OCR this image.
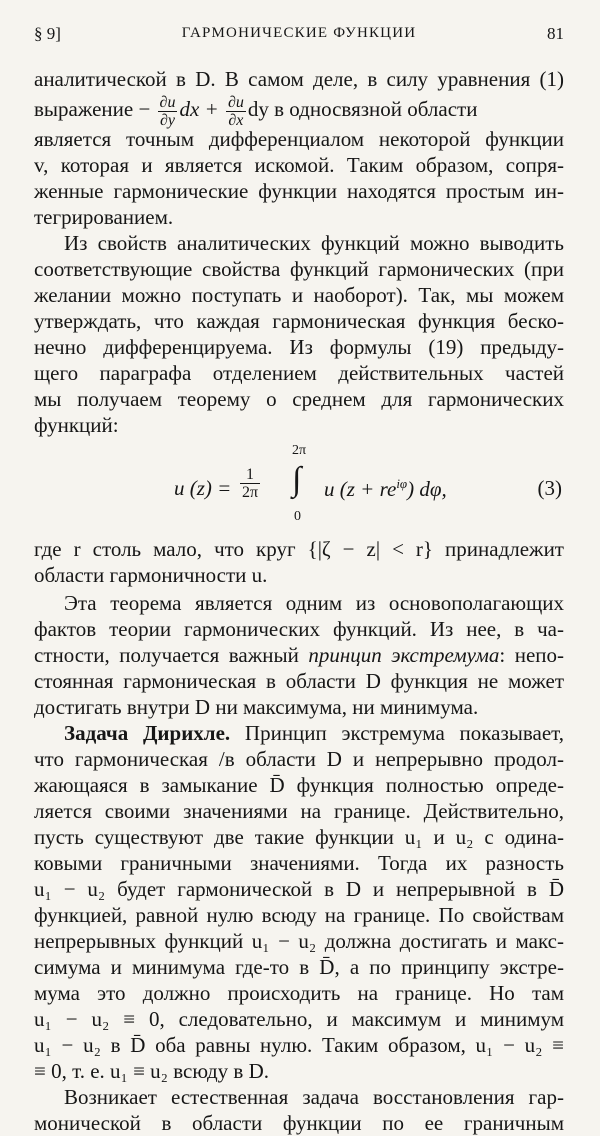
§ 9]	ГАРМОНИЧЕСКИЕ ФУНКЦИИ	81
аналитической в D. В самом деле, в силу уравнения (1)
выражение − $\frac{\partial u}{\partial y}$ dx + $\frac{\partial u}{\partial x}$ dy в односвязной области
является точным дифференциалом некоторой функции
v, которая и является искомой. Таким образом, сопря-
женные гармонические функции находятся простым ин-
тегрированием.
Из свойств аналитических функций можно выводить
соответствующие свойства функций гармонических (при
желании можно поступать и наоборот). Так, мы можем
утверждать, что каждая гармоническая функция беско-
нечно дифференцируема. Из формулы (19) предыду-
щего параграфа отделением действительных частей
мы получаем теорему о среднем для гармонических
функций:
u $(z) = \frac{1}{2\pi}$
2π
∫
0
u $(z + re^{i\varphi})$ dφ,	(3)
где r столь мало, что круг {|ζ − z| < r} принадлежит
области гармоничности u.
Эта теорема является одним из основополагающих
фактов теории гармонических функций. Из нее, в ча-
стности, получается важный принцип экстремума: непо-
стоянная гармоническая в области D функция не может
достигать внутри D ни максимума, ни минимума.
Задача Дирихле. Принцип экстремума показывает,
что гармоническая /в области D и непрерывно продол-
жающаяся в замыкание D̄ функция полностью опреде-
ляется своими значениями на границе. Действительно,
пусть существуют две такие функции u₁ и u₂ с одина-
ковыми граничными значениями. Тогда их разность
u₁ − u₂ будет гармонической в D и непрерывной в D̄
функцией, равной нулю всюду на границе. По свойствам
непрерывных функций u₁ − u₂ должна достигать и макс-
симума и минимума где-то в D̄, а по принципу экстре-
мума это должно происходить на границе. Но там
u₁ − u₂ ≡ 0, следовательно, и максимум и минимум
u₁ − u₂ в D̄ оба равны нулю. Таким образом, u₁ − u₂ ≡
≡ 0, т. е. u₁ ≡ u₂ всюду в D.
Возникает естественная задача восстановления гар-
монической в области функции по ее граничным
